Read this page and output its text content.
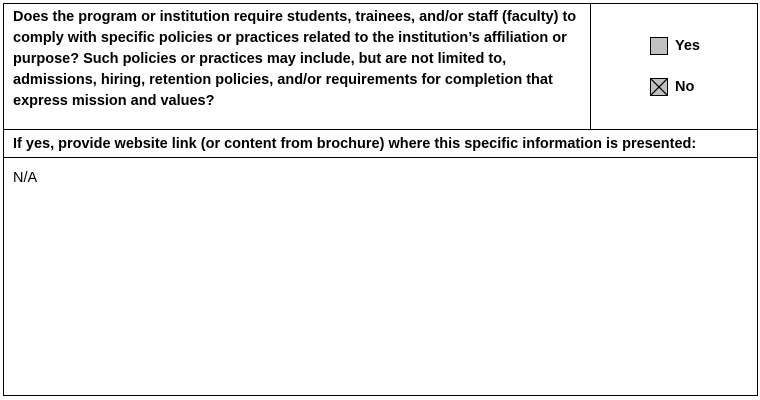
Does the program or institution require students, trainees, and/or staff (faculty) to comply with specific policies or practices related to the institution’s affiliation or purpose? Such policies or practices may include, but are not limited to, admissions, hiring, retention policies, and/or requirements for completion that express mission and values?
Yes
No
If yes, provide website link (or content from brochure) where this specific information is presented:
N/A
